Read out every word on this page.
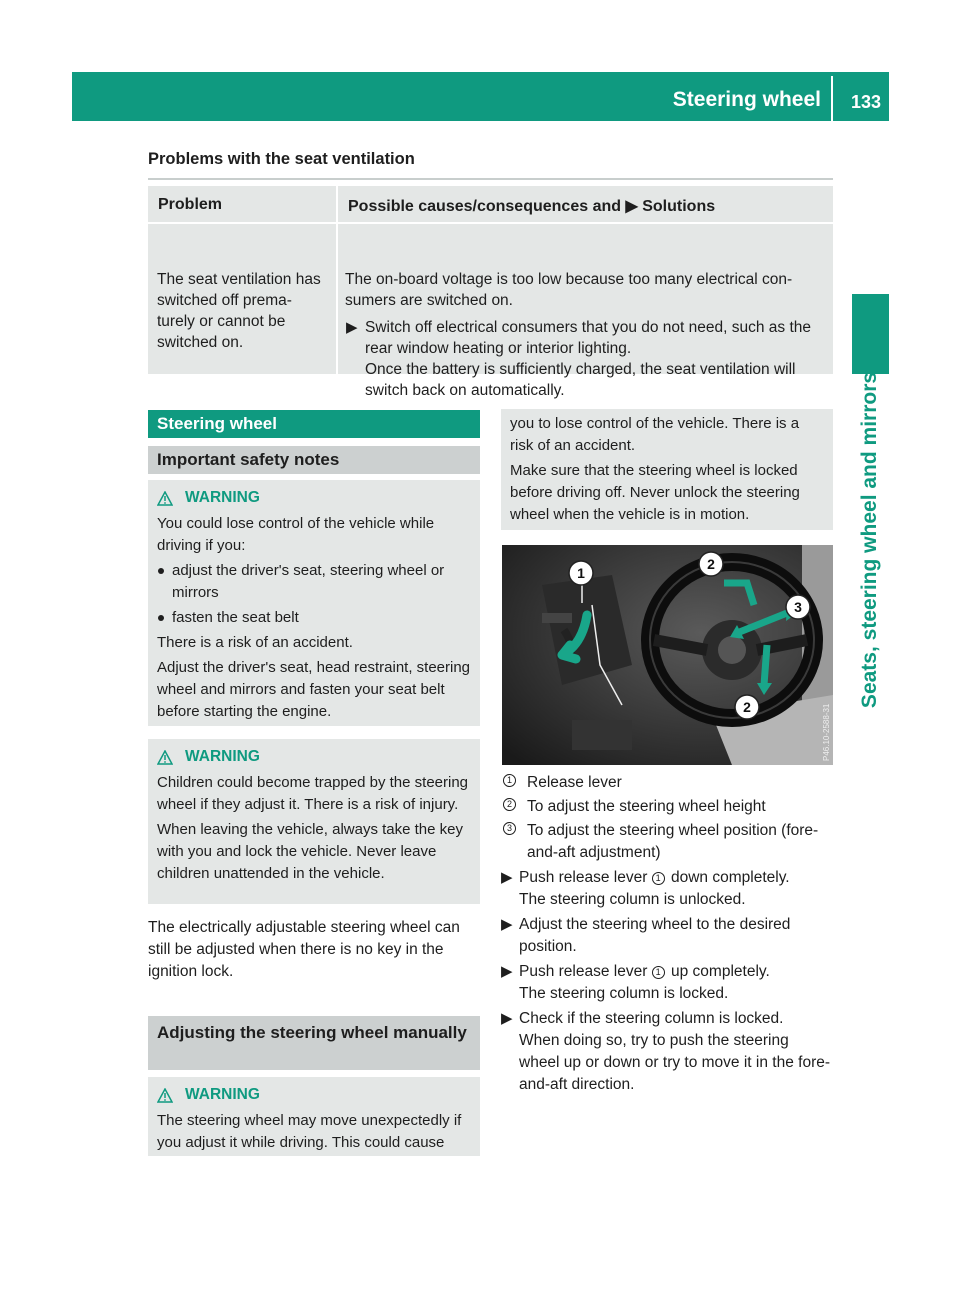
Steering wheel 133
Seats, steering wheel and mirrors
Problems with the seat ventilation
Problem	Possible causes/consequences and ▶ Solutions
The seat ventilation has
switched off prema-
turely or cannot be
switched on.

The on-board voltage is too low because too many electrical consumers are switched on.

▶ Switch off electrical consumers that you do not need, such as the rear window heating or interior lighting.
Once the battery is sufficiently charged, the seat ventilation will switch back on automatically.
Steering wheel
Important safety notes
WARNING

You could lose control of the vehicle while driving if you:

adjust the driver's seat, steering wheel or mirrors

fasten the seat belt

There is a risk of an accident.

Adjust the driver's seat, head restraint, steering wheel and mirrors and fasten your seat belt before starting the engine.

WARNING

Children could become trapped by the steering wheel if they adjust it. There is a risk of injury.

When leaving the vehicle, always take the key with you and lock the vehicle. Never leave children unattended in the vehicle.

The electrically adjustable steering wheel can still be adjusted when there is no key in the ignition lock.
Adjusting the steering wheel manually
WARNING

The steering wheel may move unexpectedly if you adjust it while driving. This could cause

you to lose control of the vehicle. There is a risk of an accident.

Make sure that the steering wheel is locked before driving off. Never unlock the steering wheel when the vehicle is in motion.

1
2
3
2	P46.10-2588-31
1 Release lever
2 To adjust the steering wheel height
3 To adjust the steering wheel position (fore-and-aft adjustment)
▶ Push release lever 1 down completely.
The steering column is unlocked.
▶ Adjust the steering wheel to the desired position.
▶ Push release lever 1 up completely.
The steering column is locked.
▶ Check if the steering column is locked.
When doing so, try to push the steering wheel up or down or try to move it in the fore-and-aft direction.
